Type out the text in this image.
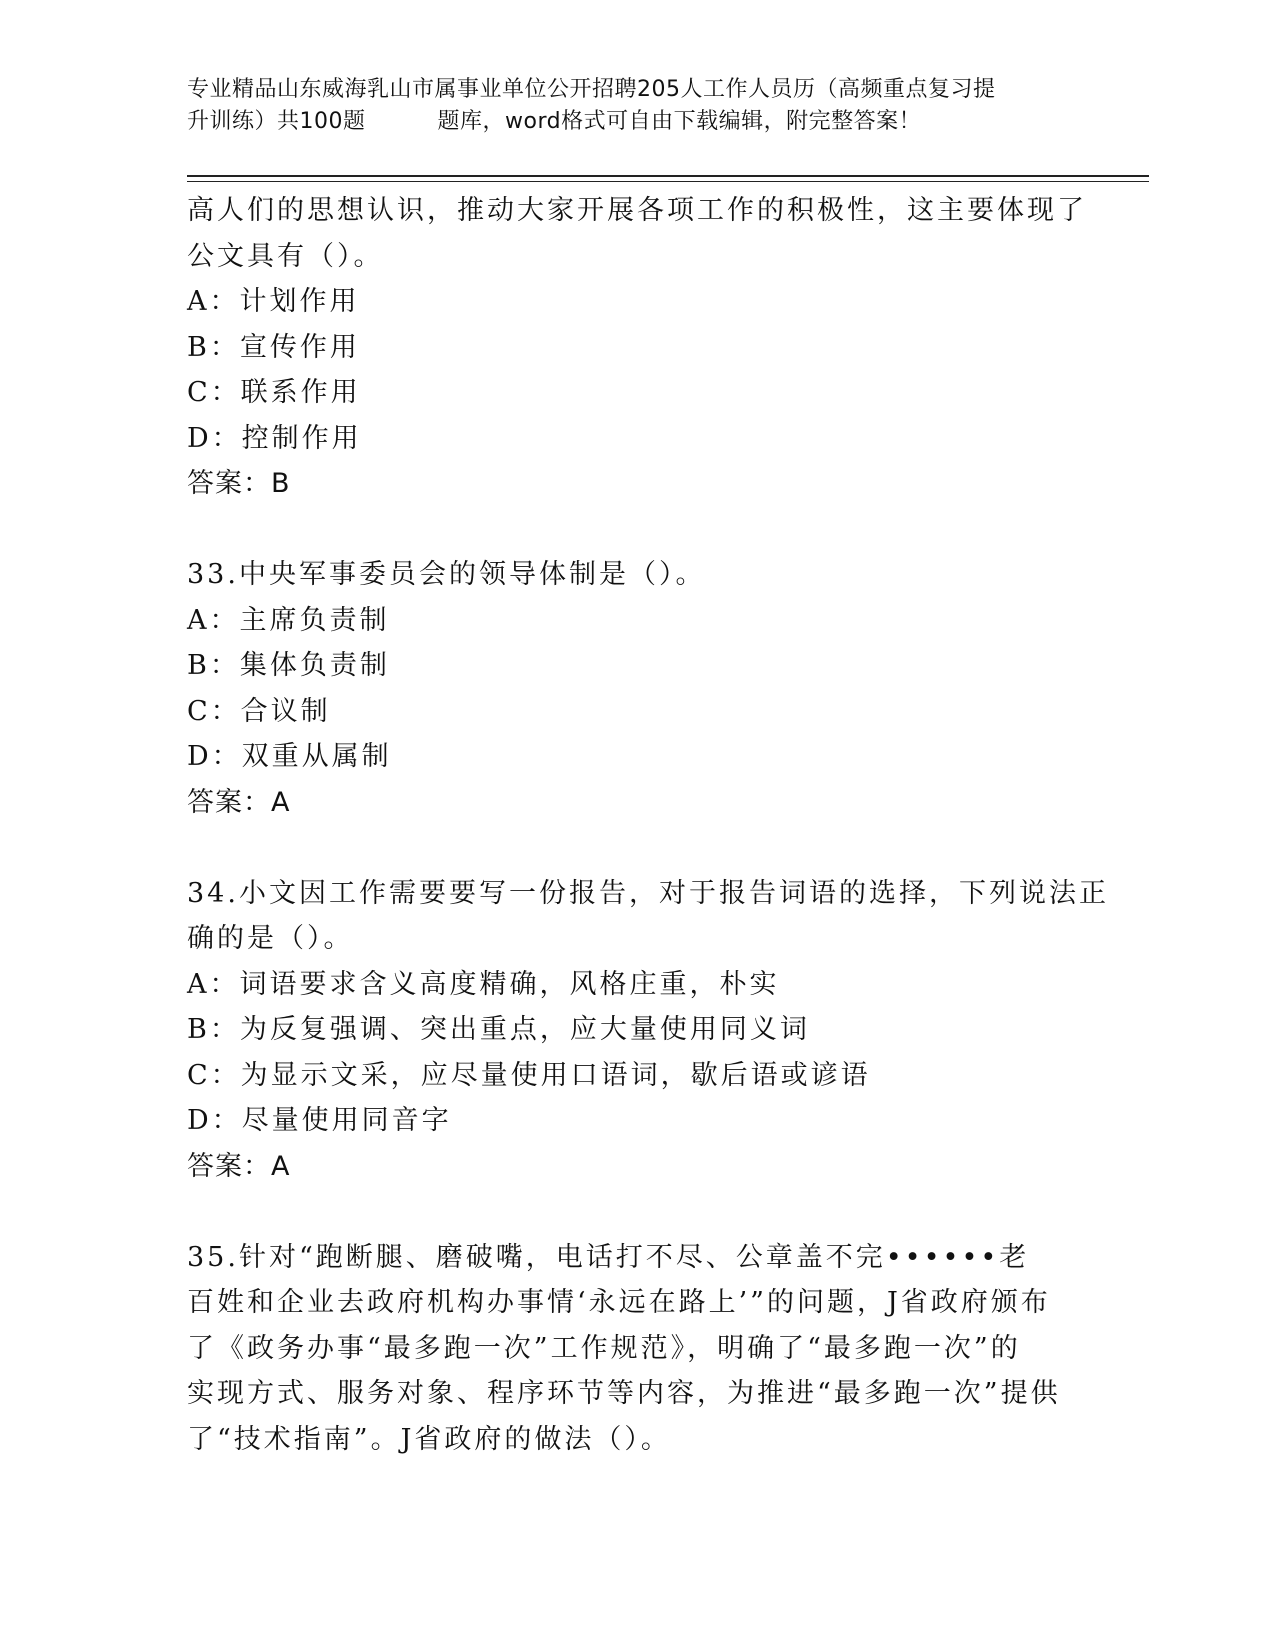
专业精品山东威海乳山市属事业单位公开招聘205人工作人员历（高频重点复习提
升训练）共100题	题库，word格式可自由下载编辑，附完整答案！
高人们的思想认识，推动大家开展各项工作的积极性，这主要体现了
公文具有（）。
A：计划作用
B：宣传作用
C：联系作用
D：控制作用
答案：B
33.中央军事委员会的领导体制是（）。
A：主席负责制
B：集体负责制
C：合议制
D：双重从属制
答案：A
34.小文因工作需要要写一份报告，对于报告词语的选择，下列说法正
确的是（）。
A：词语要求含义高度精确，风格庄重，朴实
B：为反复强调、突出重点，应大量使用同义词
C：为显示文采，应尽量使用口语词，歇后语或谚语
D：尽量使用同音字
答案：A
35.针对“跑断腿、磨破嘴，电话打不尽、公章盖不完••••••老
百姓和企业去政府机构办事情‘永远在路上’”的问题，J省政府颁布
了《政务办事“最多跑一次”工作规范》，明确了“最多跑一次”的
实现方式、服务对象、程序环节等内容，为推进“最多跑一次”提供
了“技术指南”。J省政府的做法（）。
